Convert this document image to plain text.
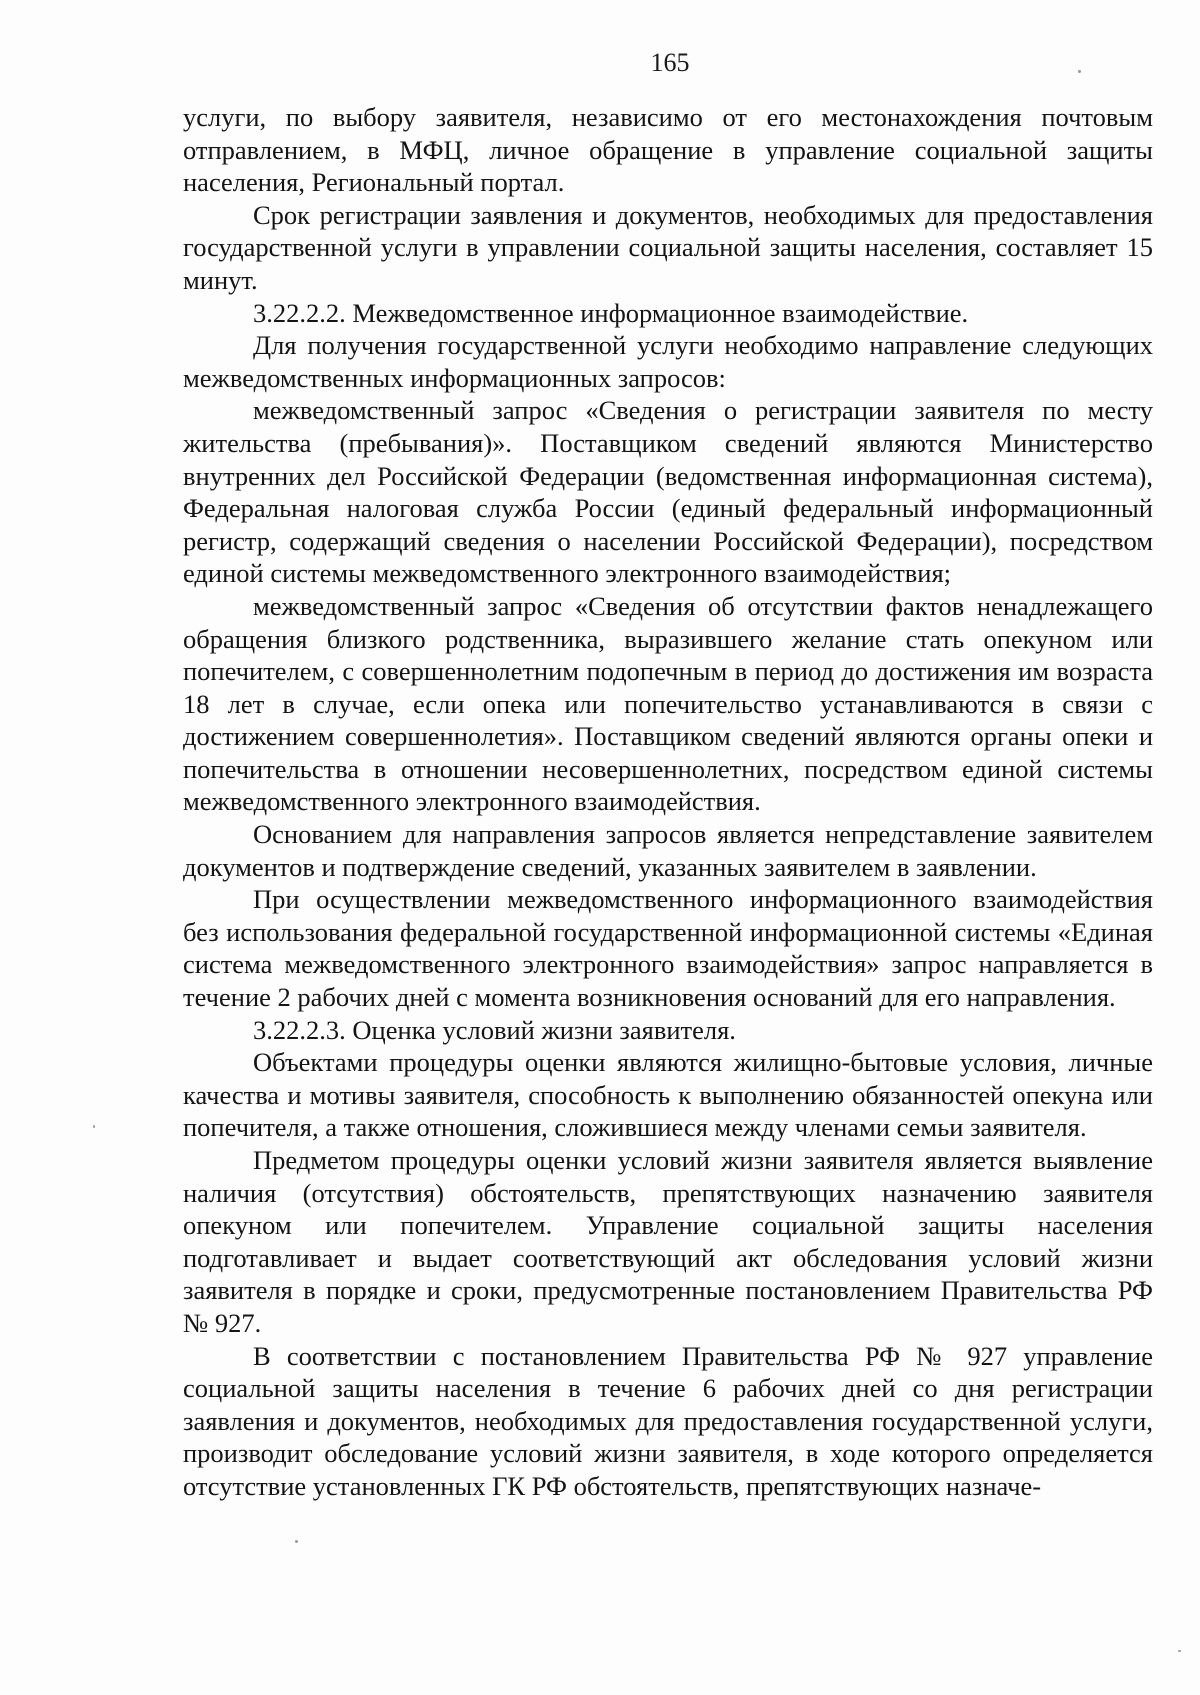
165

услуги, по выбору заявителя, независимо от его местонахождения почтовым отправлением, в МФЦ, личное обращение в управление социальной защиты населения, Региональный портал.

Срок регистрации заявления и документов, необходимых для предоставления государственной услуги в управлении социальной защиты населения, составляет 15 минут.

3.22.2.2. Межведомственное информационное взаимодействие.

Для получения государственной услуги необходимо направление следующих межведомственных информационных запросов:

межведомственный запрос «Сведения о регистрации заявителя по месту жительства (пребывания)». Поставщиком сведений являются Министерство внутренних дел Российской Федерации (ведомственная информационная система), Федеральная налоговая служба России (единый федеральный информационный регистр, содержащий сведения о населении Российской Федерации), посредством единой системы межведомственного электронного взаимодействия;

межведомственный запрос «Сведения об отсутствии фактов ненадлежащего обращения близкого родственника, выразившего желание стать опекуном или попечителем, с совершеннолетним подопечным в период до достижения им возраста 18 лет в случае, если опека или попечительство устанавливаются в связи с достижением совершеннолетия». Поставщиком сведений являются органы опеки и попечительства в отношении несовершеннолетних, посредством единой системы межведомственного электронного взаимодействия.

Основанием для направления запросов является непредставление заявителем документов и подтверждение сведений, указанных заявителем в заявлении.

При осуществлении межведомственного информационного взаимодействия без использования федеральной государственной информационной системы «Единая система межведомственного электронного взаимодействия» запрос направляется в течение 2 рабочих дней с момента возникновения оснований для его направления.

3.22.2.3. Оценка условий жизни заявителя.

Объектами процедуры оценки являются жилищно-бытовые условия, личные качества и мотивы заявителя, способность к выполнению обязанностей опекуна или попечителя, а также отношения, сложившиеся между членами семьи заявителя.

Предметом процедуры оценки условий жизни заявителя является выявление наличия (отсутствия) обстоятельств, препятствующих назначению заявителя опекуном или попечителем. Управление социальной защиты населения подготавливает и выдает соответствующий акт обследования условий жизни заявителя в порядке и сроки, предусмотренные постановлением Правительства РФ № 927.

В соответствии с постановлением Правительства РФ № 927 управление социальной защиты населения в течение 6 рабочих дней со дня регистрации заявления и документов, необходимых для предоставления государственной услуги, производит обследование условий жизни заявителя, в ходе которого определяется отсутствие установленных ГК РФ обстоятельств, препятствующих назначе-
